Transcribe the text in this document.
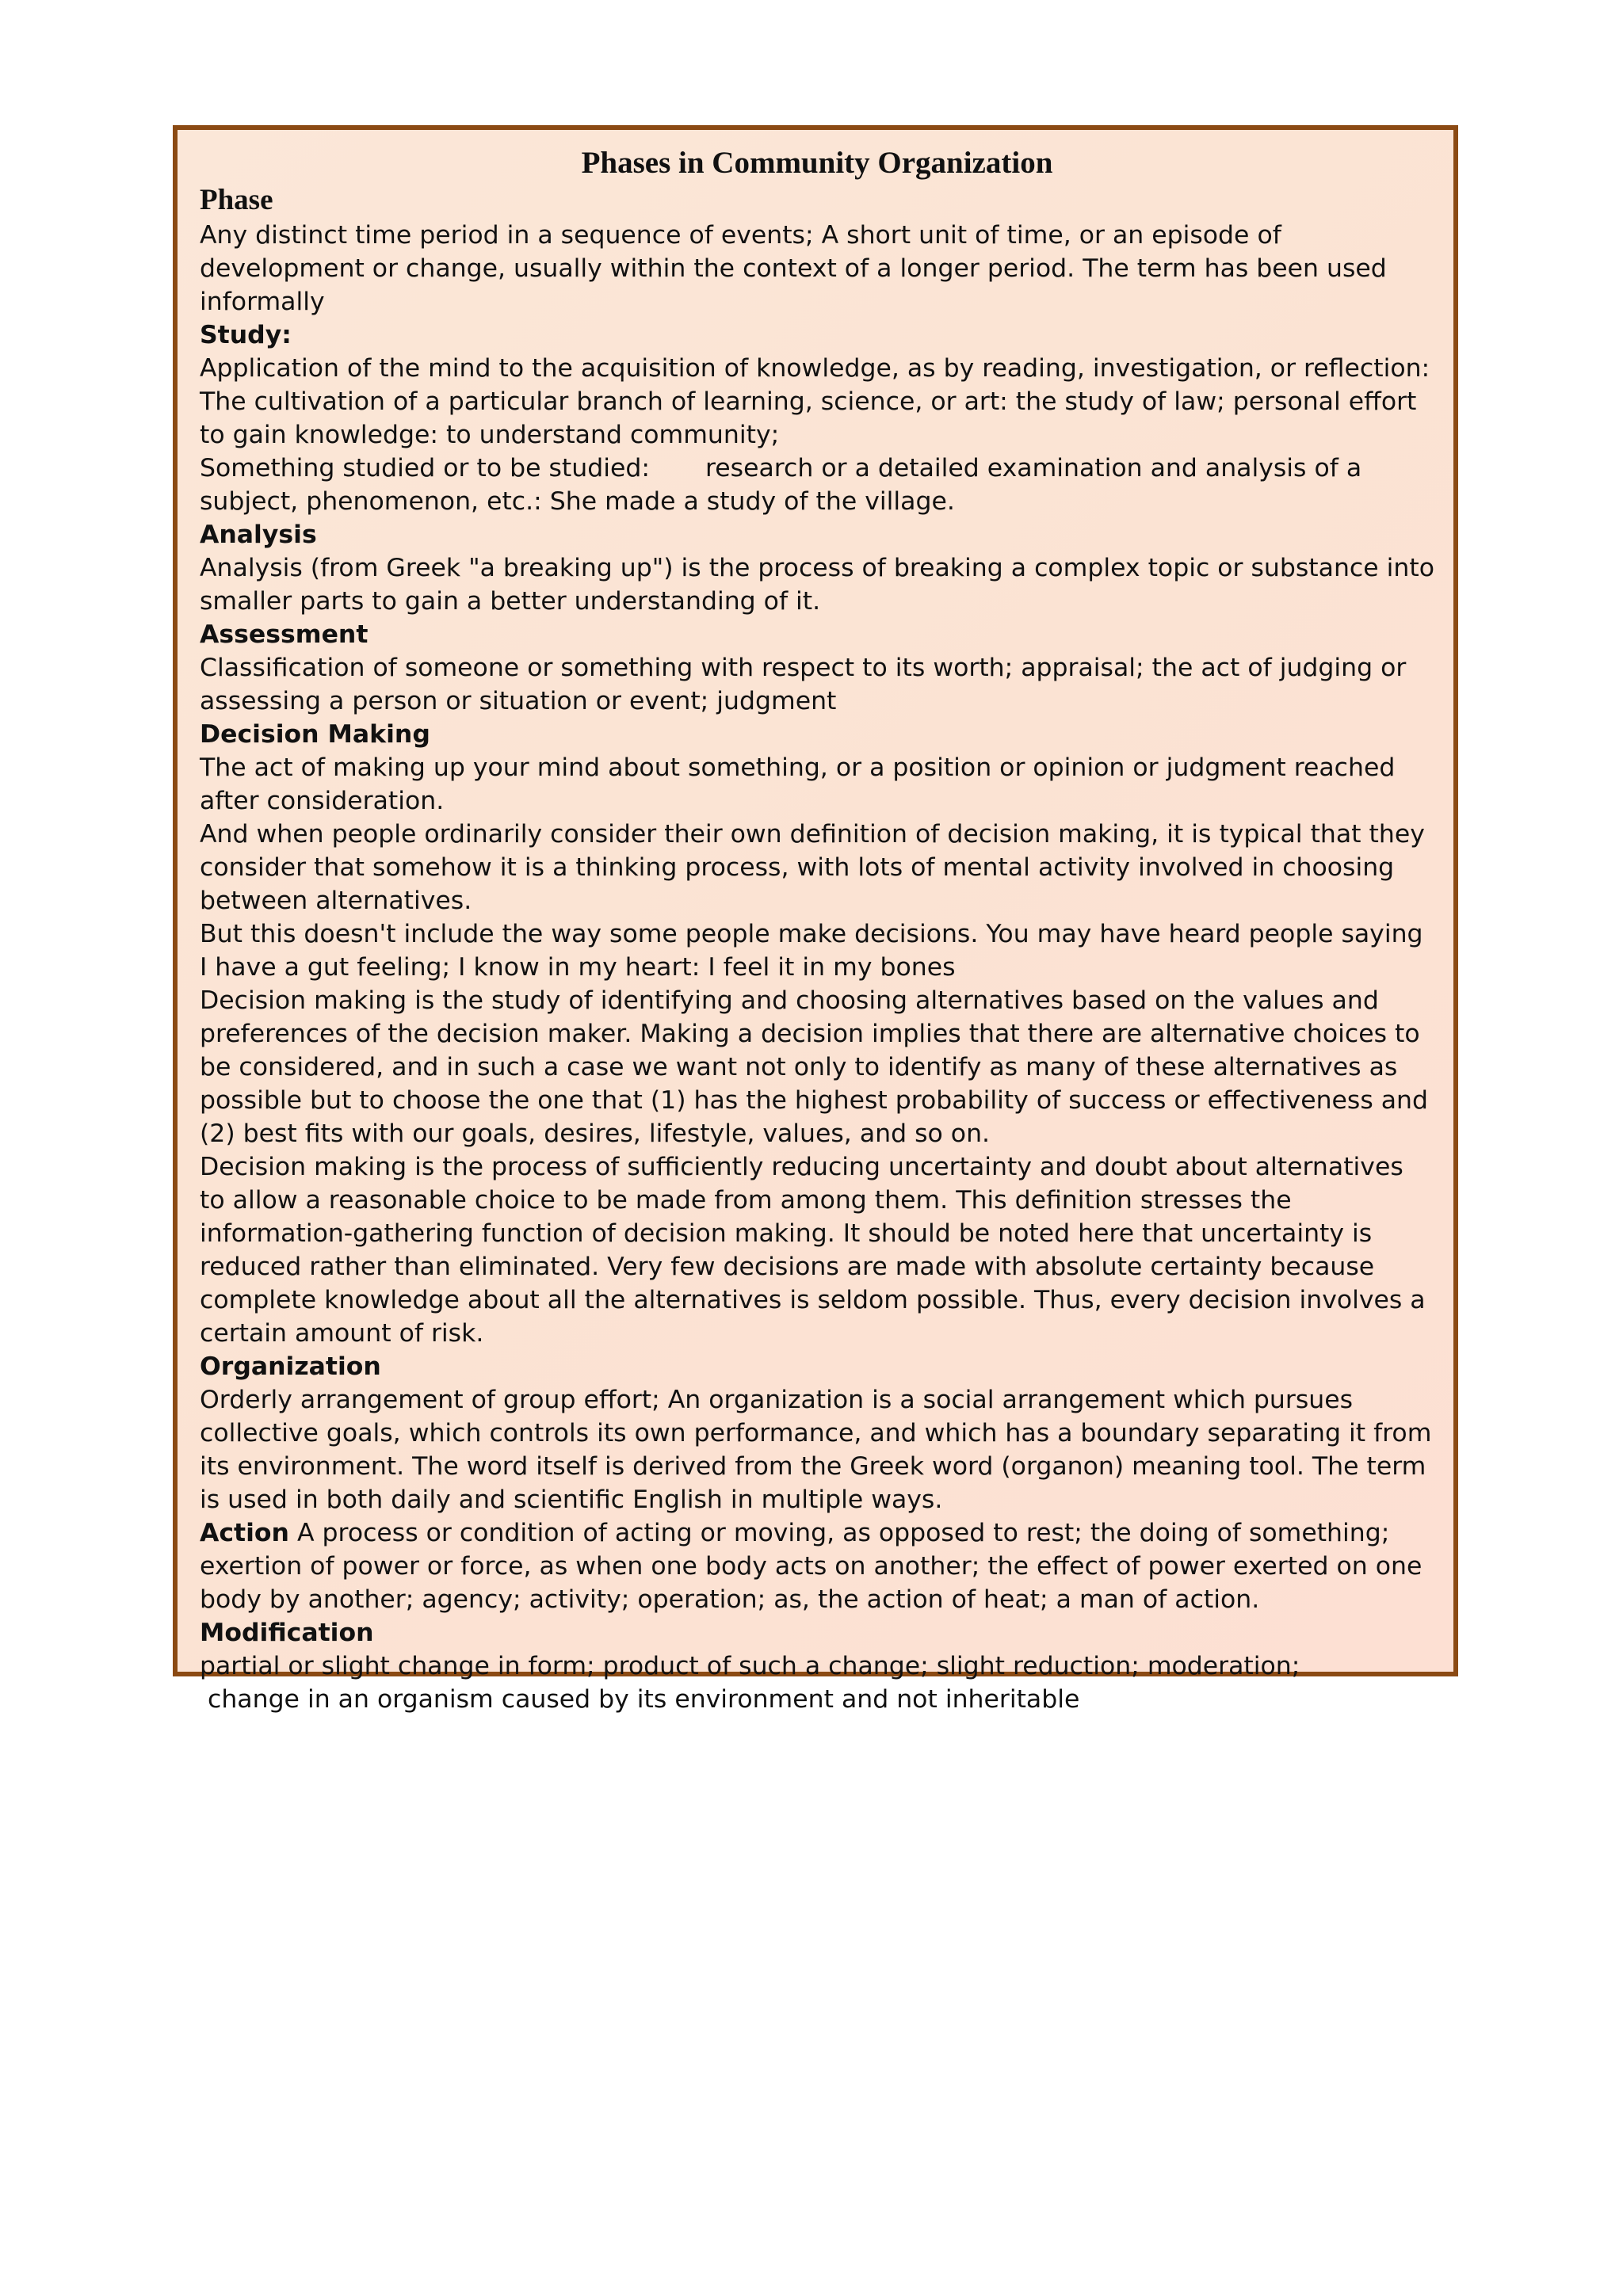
Phases in Community Organization
Phase

Any distinct time period in a sequence of events; A short unit of time, or an episode of development or change, usually within the context of a longer period. The term has been used informally

Study:

Application of the mind to the acquisition of knowledge, as by reading, investigation, or reflection: The cultivation of a particular branch of learning, science, or art: the study of law; personal effort to gain knowledge: to understand community;

Something studied or to be studied:       research or a detailed examination and analysis of a subject, phenomenon, etc.: She made a study of the village.

Analysis

Analysis (from Greek "a breaking up") is the process of breaking a complex topic or substance into smaller parts to gain a better understanding of it.

Assessment

Classification of someone or something with respect to its worth; appraisal; the act of judging or assessing a person or situation or event; judgment

Decision Making

The act of making up your mind about something, or a position or opinion or judgment reached after consideration.

And when people ordinarily consider their own definition of decision making, it is typical that they consider that somehow it is a thinking process, with lots of mental activity involved in choosing between alternatives.

But this doesn't include the way some people make decisions. You may have heard people saying I have a gut feeling; I know in my heart: I feel it in my bones

Decision making is the study of identifying and choosing alternatives based on the values and preferences of the decision maker. Making a decision implies that there are alternative choices to be considered, and in such a case we want not only to identify as many of these alternatives as possible but to choose the one that (1) has the highest probability of success or effectiveness and (2) best fits with our goals, desires, lifestyle, values, and so on.

Decision making is the process of sufficiently reducing uncertainty and doubt about alternatives to allow a reasonable choice to be made from among them. This definition stresses the information-gathering function of decision making. It should be noted here that uncertainty is reduced rather than eliminated. Very few decisions are made with absolute certainty because complete knowledge about all the alternatives is seldom possible. Thus, every decision involves a certain amount of risk.

Organization

Orderly arrangement of group effort; An organization is a social arrangement which pursues collective goals, which controls its own performance, and which has a boundary separating it from its environment. The word itself is derived from the Greek word (organon) meaning tool. The term is used in both daily and scientific English in multiple ways.

Action A process or condition of acting or moving, as opposed to rest; the doing of something; exertion of power or force, as when one body acts on another; the effect of power exerted on one body by another; agency; activity; operation; as, the action of heat; a man of action.

Modification

partial or slight change in form; product of such a change; slight reduction; moderation;

change in an organism caused by its environment and not inheritable
